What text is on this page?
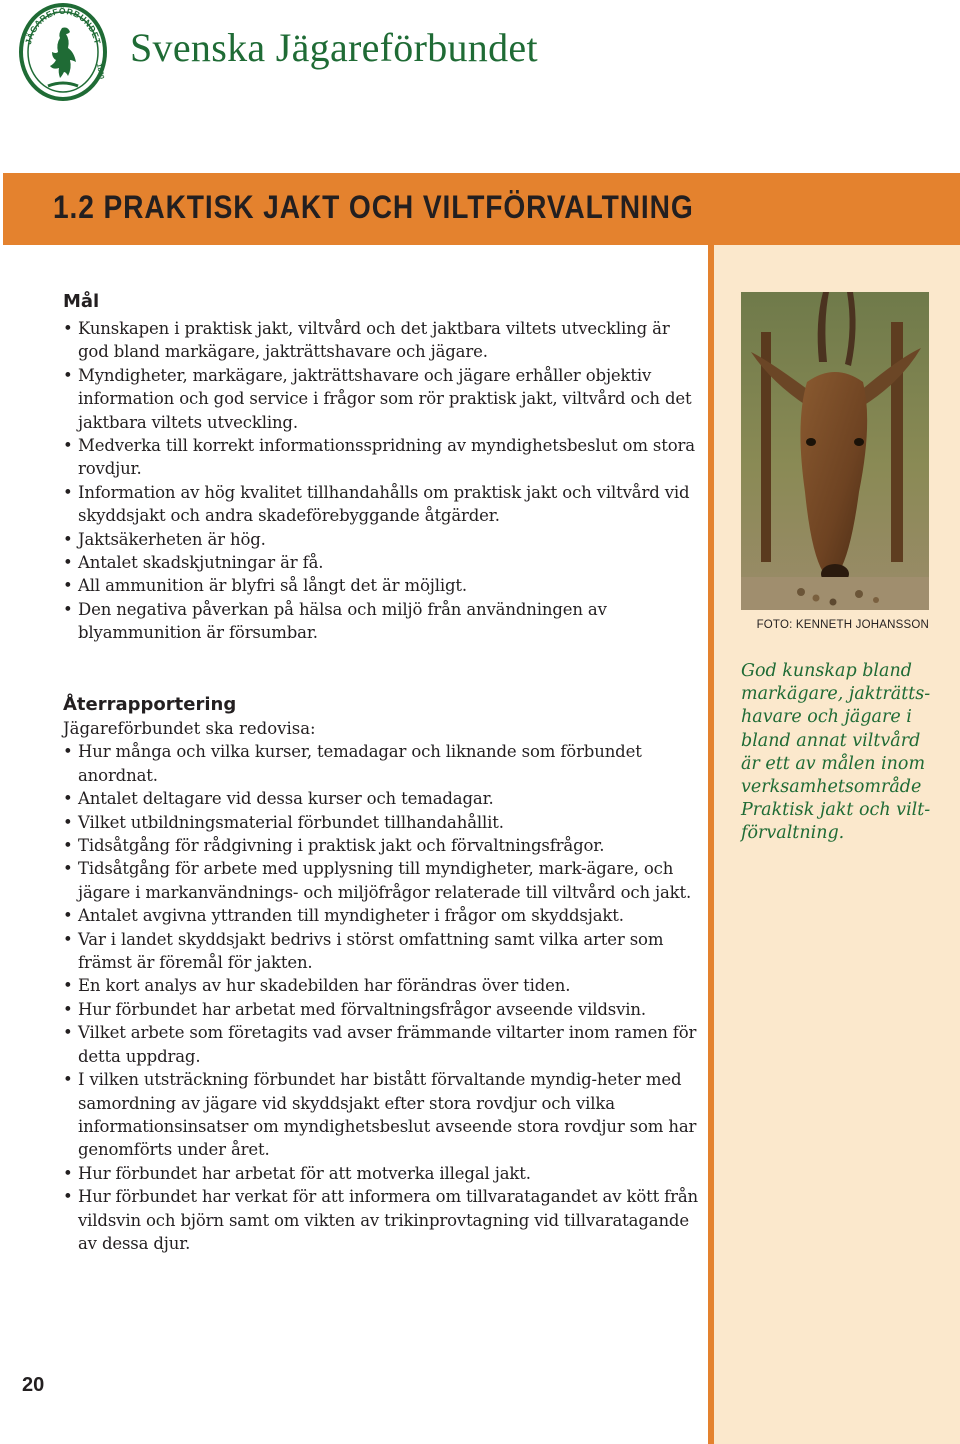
JÄGAREFÖRBUNDET
1830
Svenska Jägareförbundet
1.2 PRAKTISK JAKT OCH VILTFÖRVALTNING
FOTO: KENNETH JOHANSSON

God kunskap bland markägare, jakträtts-havare och jägare i bland annat viltvård är ett av målen inom verksamhetsområde Praktisk jakt och vilt-förvaltning.

Mål
• Kunskapen i praktisk jakt, viltvård och det jaktbara viltets utveckling är god bland markägare, jakträttshavare och jägare.
• Myndigheter, markägare, jakträttshavare och jägare erhåller objektiv information och god service i frågor som rör praktisk jakt, viltvård och det jaktbara viltets utveckling.
• Medverka till korrekt informationsspridning av myndighetsbeslut om stora rovdjur.
• Information av hög kvalitet tillhandahålls om praktisk jakt och viltvård vid skyddsjakt och andra skadeförebyggande åtgärder.
• Jaktsäkerheten är hög.
• Antalet skadskjutningar är få.
• All ammunition är blyfri så långt det är möjligt.
• Den negativa påverkan på hälsa och miljö från användningen av blyammunition är försumbar.
Återrapportering

Jägareförbundet ska redovisa:

• Hur många och vilka kurser, temadagar och liknande som förbundet anordnat.
• Antalet deltagare vid dessa kurser och temadagar.
• Vilket utbildningsmaterial förbundet tillhandahållit.
• Tidsåtgång för rådgivning i praktisk jakt och förvaltningsfrågor.
• Tidsåtgång för arbete med upplysning till myndigheter, mark-ägare, och jägare i markanvändnings- och miljöfrågor relaterade till viltvård och jakt.
• Antalet avgivna yttranden till myndigheter i frågor om skyddsjakt.
• Var i landet skyddsjakt bedrivs i störst omfattning samt vilka arter som främst är föremål för jakten.
• En kort analys av hur skadebilden har förändras över tiden.
• Hur förbundet har arbetat med förvaltningsfrågor avseende vildsvin.
• Vilket arbete som företagits vad avser främmande viltarter inom ramen för detta uppdrag.
• I vilken utsträckning förbundet har bistått förvaltande myndig-heter med samordning av jägare vid skyddsjakt efter stora rovdjur och vilka informationsinsatser om myndighetsbeslut avseende stora rovdjur som har genomförts under året.
• Hur förbundet har arbetat för att motverka illegal jakt.
• Hur förbundet har verkat för att informera om tillvaratagandet av kött från vildsvin och björn samt om vikten av trikinprovtagning vid tillvaratagande av dessa djur.
20
